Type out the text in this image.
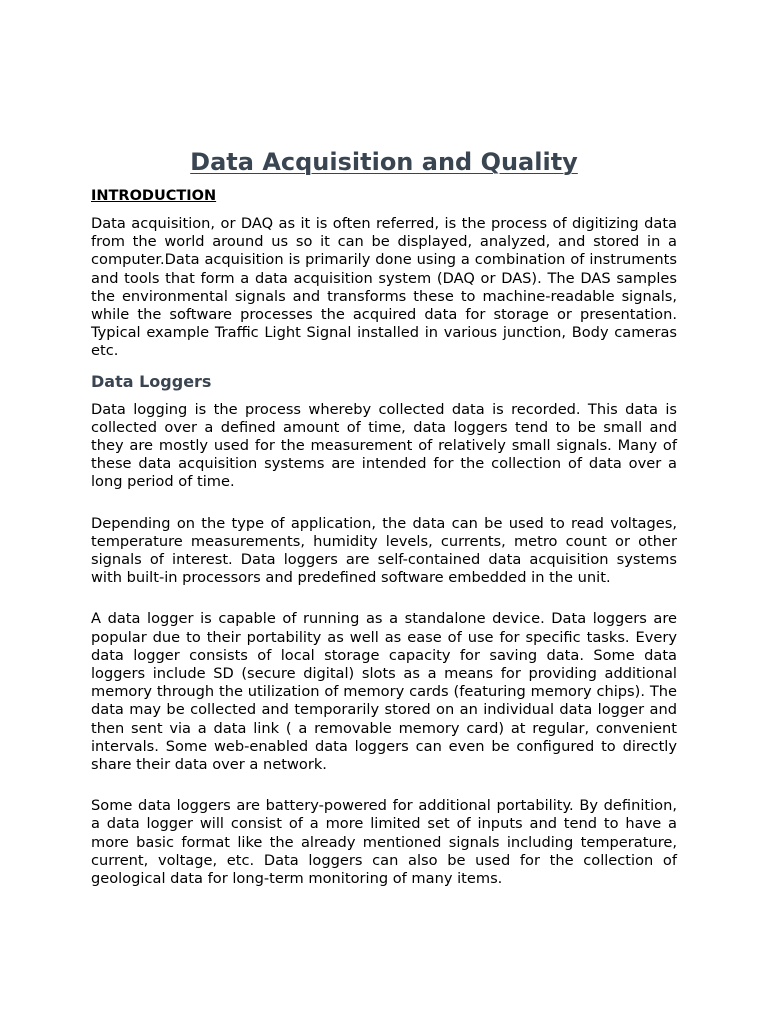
Data Acquisition and Quality
INTRODUCTION

Data acquisition, or DAQ as it is often referred, is the process of digitizing data from the world around us so it can be displayed, analyzed, and stored in a computer.Data acquisition is primarily done using a combination of instruments and tools that form a data acquisition system (DAQ or DAS). The DAS samples the environmental signals and transforms these to machine-readable signals, while the software processes the acquired data for storage or presentation. Typical example Traffic Light Signal installed in various junction, Body cameras etc.

Data Loggers

Data logging is the process whereby collected data is recorded. This data is collected over a defined amount of time, data loggers tend to be small and they are mostly used for the measurement of relatively small signals. Many of these data acquisition systems are intended for the collection of data over a long period of time.

Depending on the type of application, the data can be used to read voltages, temperature measurements, humidity levels, currents, metro count or other signals of interest. Data loggers are self-contained data acquisition systems with built-in processors and predefined software embedded in the unit.

A data logger is capable of running as a standalone device. Data loggers are popular due to their portability as well as ease of use for specific tasks. Every data logger consists of local storage capacity for saving data. Some data loggers include SD (secure digital) slots as a means for providing additional memory through the utilization of memory cards (featuring memory chips). The data may be collected and temporarily stored on an individual data logger and then sent via a data link ( a removable memory card) at regular, convenient intervals. Some web-enabled data loggers can even be configured to directly share their data over a network.

Some data loggers are battery-powered for additional portability. By definition, a data logger will consist of a more limited set of inputs and tend to have a more basic format like the already mentioned signals including temperature, current, voltage, etc. Data loggers can also be used for the collection of geological data for long-term monitoring of many items.
